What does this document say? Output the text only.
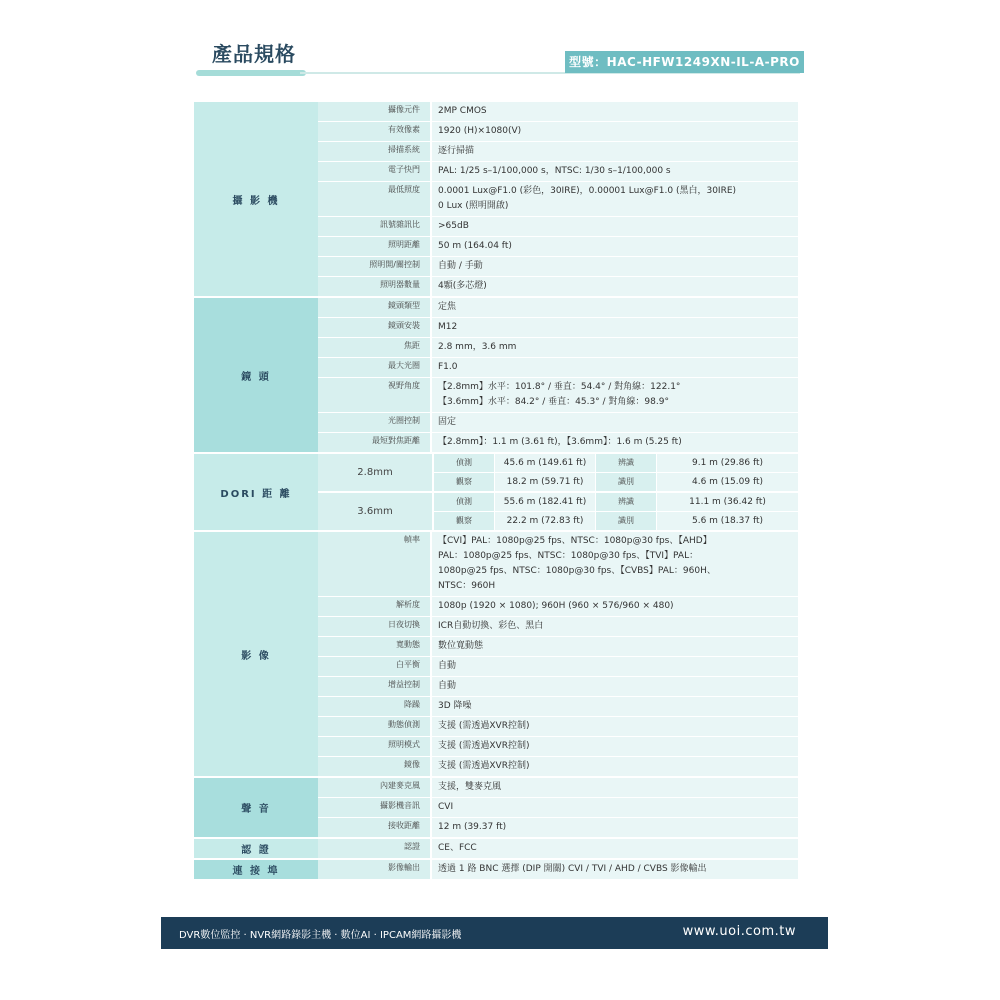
產品規格	型號：HAC-HFW1249XN-IL-A-PRO
攝 影 機
攝像元件	2MP CMOS
有效像素	1920 (H)×1080(V)
掃描系統	逐行掃描
電子快門	PAL: 1/25 s–1/100,000 s，NTSC: 1/30 s–1/100,000 s
最低照度	0.0001 Lux@F1.0 (彩色，30IRE)，0.00001 Lux@F1.0 (黑白，30IRE)
0 Lux (照明開啟)
訊號雜訊比	>65dB
照明距離	50 m (164.04 ft)
照明開/關控制	自動 / 手動
照明器數量	4顆(多芯燈)
鏡 頭
鏡頭類型	定焦
鏡頭安裝	M12
焦距	2.8 mm，3.6 mm
最大光圈	F1.0
視野角度	【2.8mm】水平：101.8° / 垂直：54.4° / 對角線：122.1°
【3.6mm】水平：84.2° / 垂直：45.3° / 對角線：98.9°
光圈控制	固定
最短對焦距離	【2.8mm】：1.1 m (3.61 ft)，【3.6mm】：1.6 m (5.25 ft)
DORI 距 離
2.8mm
偵測	45.6 m (149.61 ft)	辨識	9.1 m (29.86 ft)
觀察	18.2 m (59.71 ft)	識別	4.6 m (15.09 ft)
3.6mm
偵測	55.6 m (182.41 ft)	辨識	11.1 m (36.42 ft)
觀察	22.2 m (72.83 ft)	識別	5.6 m (18.37 ft)
影 像
幀率	【CVI】PAL：1080p@25 fps、NTSC：1080p@30 fps、【AHD】
PAL：1080p@25 fps、NTSC：1080p@30 fps、【TVI】PAL：
1080p@25 fps、NTSC：1080p@30 fps、【CVBS】PAL：960H、
NTSC：960H
解析度	1080p (1920 × 1080); 960H (960 × 576/960 × 480)
日夜切換	ICR自動切換、彩色、黑白
寬動態	數位寬動態
白平衡	自動
增益控制	自動
降躁	3D 降噪
動態偵測	支援 (需透過XVR控制)
照明模式	支援 (需透過XVR控制)
鏡像	支援 (需透過XVR控制)
聲 音
內建麥克風	支援，雙麥克風
攝影機音訊	CVI
接收距離	12 m (39.37 ft)
認 證	認證	CE、FCC
連 接 埠	影像輸出	透過 1 路 BNC 選擇 (DIP 開關) CVI / TVI / AHD / CVBS 影像輸出
DVR數位監控 · NVR網路錄影主機 · 數位AI · IPCAM網路攝影機	www.uoi.com.tw
